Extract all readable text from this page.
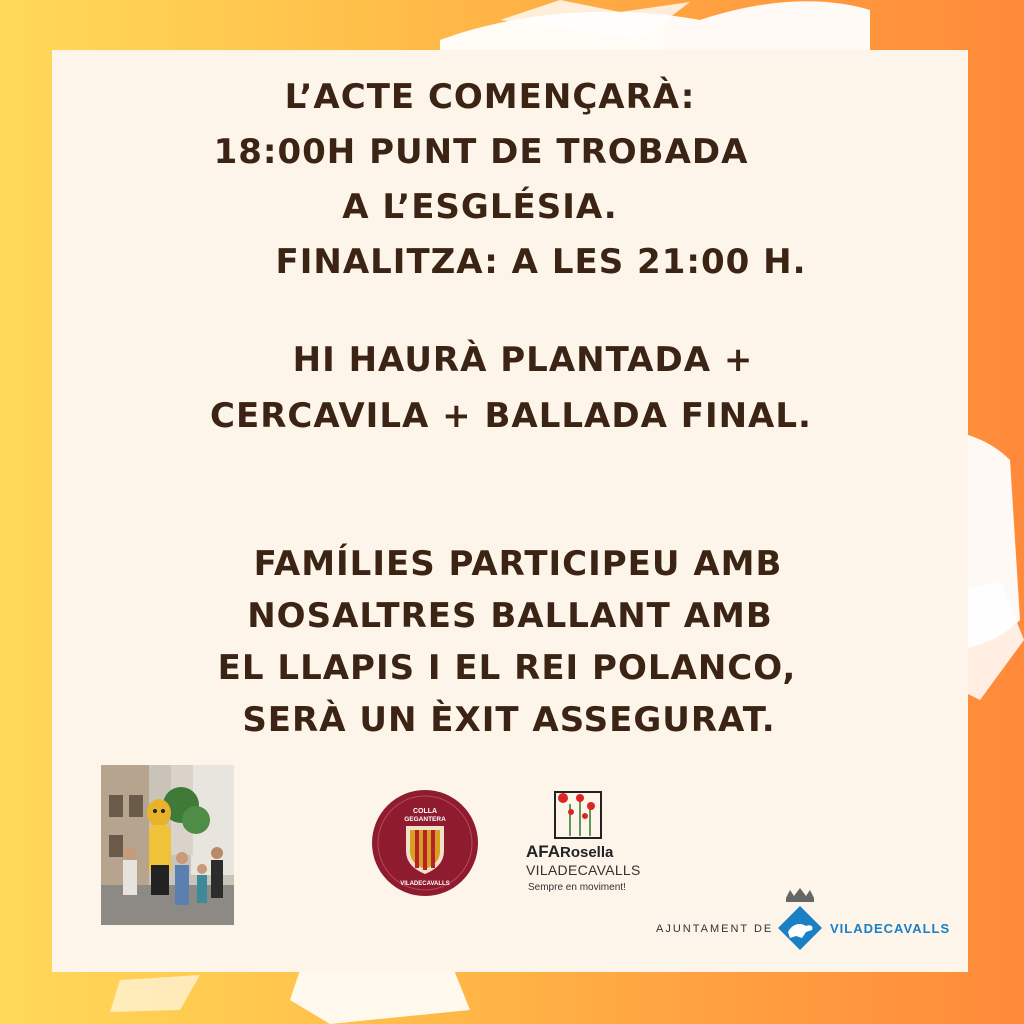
L’ACTE COMENÇARÀ:
18:00H PUNT DE TROBADA
A L’ESGLÉSIA.
FINALITZA: A LES 21:00 H.
HI HAURÀ PLANTADA +
CERCAVILA + BALLADA FINAL.
FAMÍLIES PARTICIPEU AMB
NOSALTRES BALLANT AMB
EL LLAPIS I EL REI POLANCO,
SERÀ UN ÈXIT ASSEGURAT.
COLLA
GEGANTERA
VILADECAVALLS
AFARosella
VILADECAVALLS
Sempre en moviment!
AJUNTAMENT DE	VILADECAVALLS
